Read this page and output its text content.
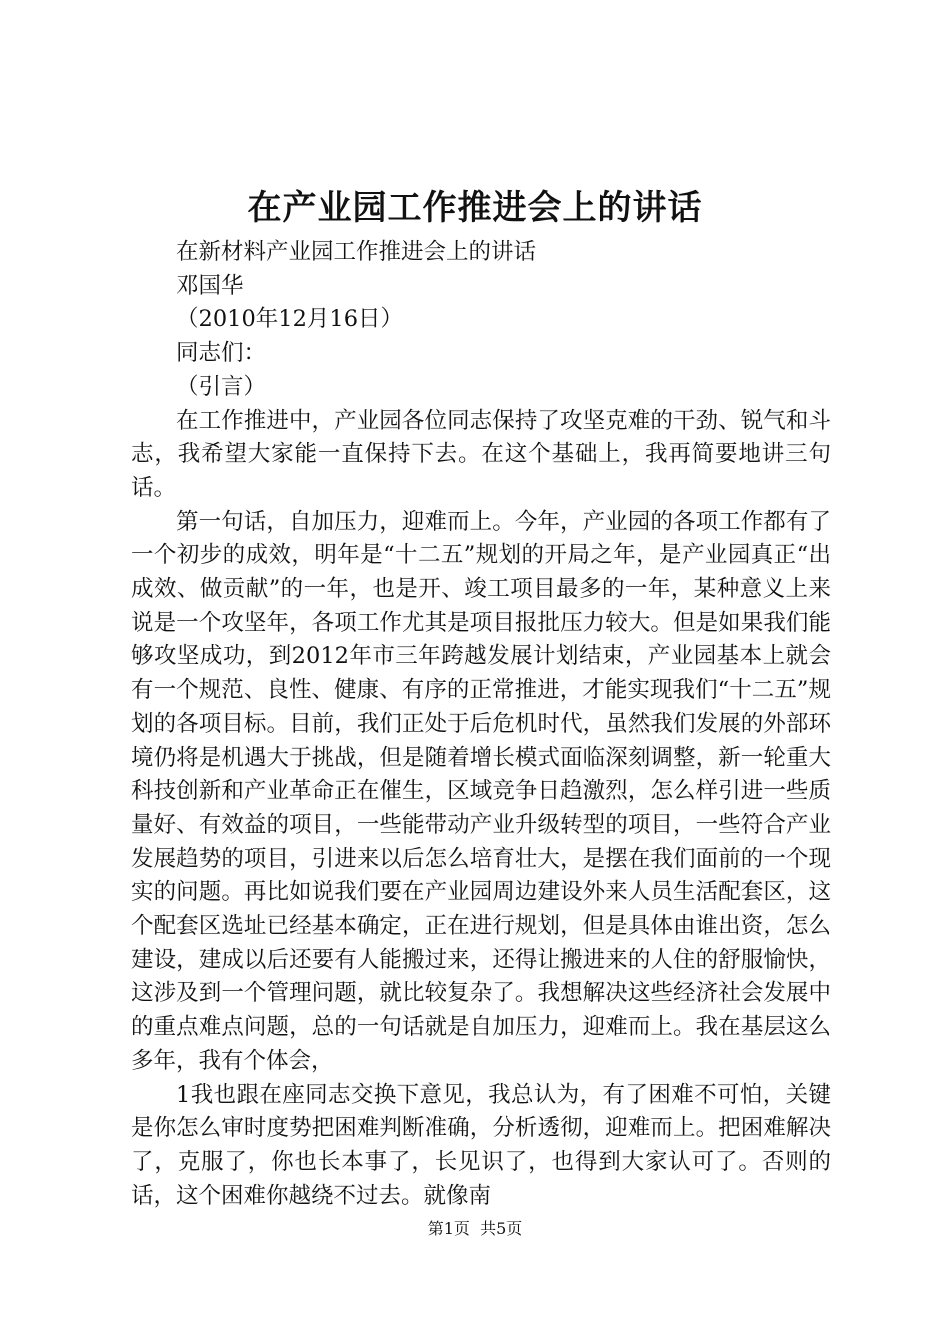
在产业园工作推进会上的讲话
在新材料产业园工作推进会上的讲话
邓国华
（2010年12月16日）
同志们：
（引言）

在工作推进中，产业园各位同志保持了攻坚克难的干劲、锐气和斗志，我希望大家能一直保持下去。在这个基础上，我再简要地讲三句话。

第一句话，自加压力，迎难而上。今年，产业园的各项工作都有了一个初步的成效，明年是“十二五”规划的开局之年，是产业园真正“出成效、做贡献”的一年，也是开、竣工项目最多的一年，某种意义上来说是一个攻坚年，各项工作尤其是项目报批压力较大。但是如果我们能够攻坚成功，到2012年市三年跨越发展计划结束，产业园基本上就会有一个规范、良性、健康、有序的正常推进，才能实现我们“十二五”规划的各项目标。目前，我们正处于后危机时代，虽然我们发展的外部环境仍将是机遇大于挑战，但是随着增长模式面临深刻调整，新一轮重大科技创新和产业革命正在催生，区域竞争日趋激烈，怎么样引进一些质量好、有效益的项目，一些能带动产业升级转型的项目，一些符合产业发展趋势的项目，引进来以后怎么培育壮大，是摆在我们面前的一个现实的问题。再比如说我们要在产业园周边建设外来人员生活配套区，这个配套区选址已经基本确定，正在进行规划，但是具体由谁出资，怎么建设，建成以后还要有人能搬过来，还得让搬进来的人住的舒服愉快，这涉及到一个管理问题，就比较复杂了。我想解决这些经济社会发展中的重点难点问题，总的一句话就是自加压力，迎难而上。我在基层这么多年，我有个体会，

1我也跟在座同志交换下意见，我总认为，有了困难不可怕，关键是你怎么审时度势把困难判断准确，分析透彻，迎难而上。把困难解决了，克服了，你也长本事了，长见识了，也得到大家认可了。否则的话，这个困难你越绕不过去。就像南

第1页  共5页
